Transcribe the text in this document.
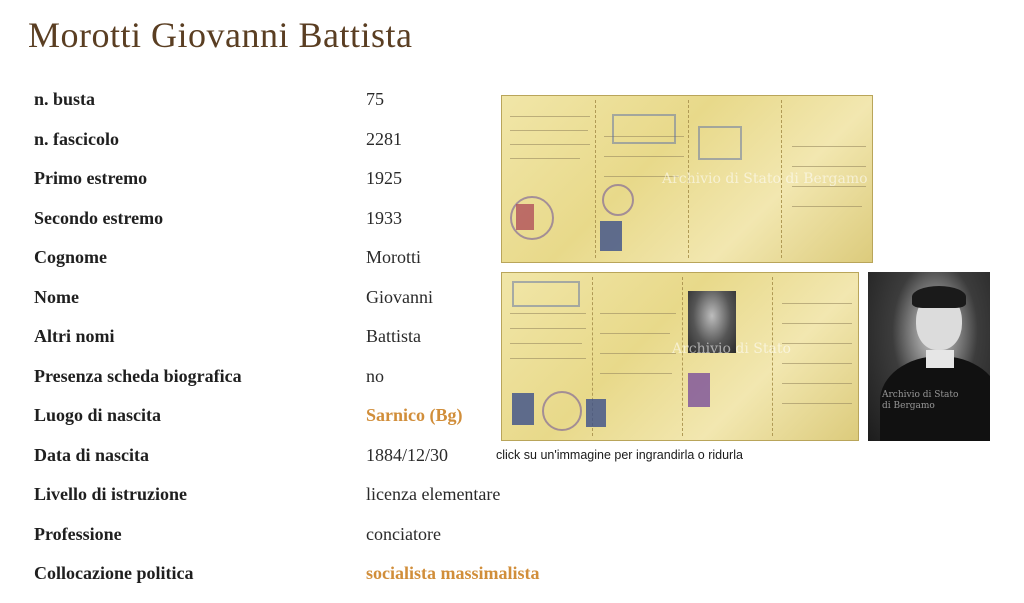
Morotti Giovanni Battista
n. busta	75
n. fascicolo	2281
Primo estremo	1925
Secondo estremo	1933
Cognome	Morotti
Nome	Giovanni
Altri nomi	Battista
Presenza scheda biografica	no
Luogo di nascita	Sarnico (Bg)
Data di nascita	1884/12/30
Livello di istruzione	licenza elementare
Professione	conciatore
Collocazione politica	socialista massimalista
Archivio di Stato di Bergamo
Archivio di Stato
Archivio di Stato di Bergamo
click su un'immagine per ingrandirla o ridurla
